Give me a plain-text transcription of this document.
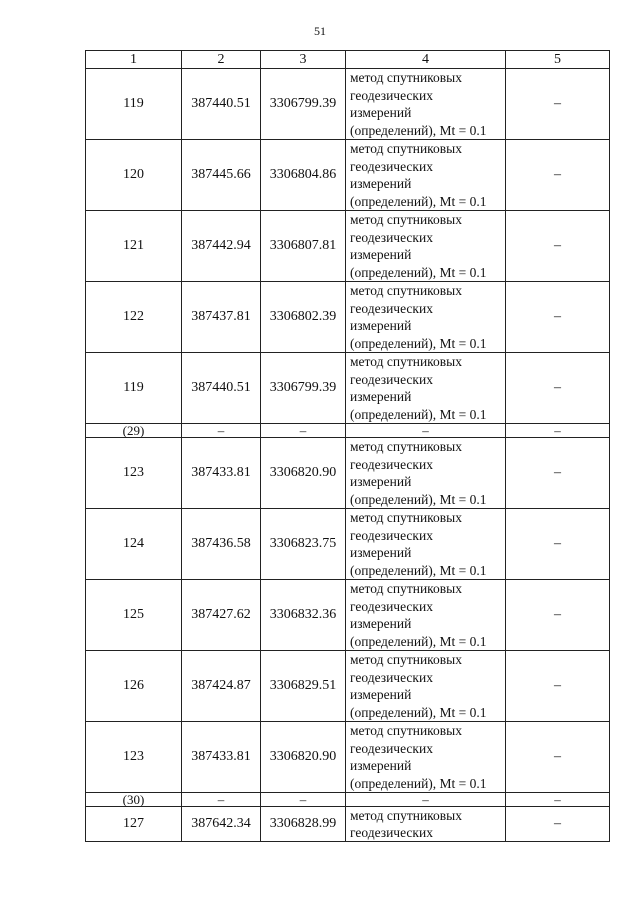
51
1	2	3	4	5
119	387440.51	3306799.39	метод спутниковых
геодезических
измерений
(определений), Mt = 0.1	–
120	387445.66	3306804.86	метод спутниковых
геодезических
измерений
(определений), Mt = 0.1	–
121	387442.94	3306807.81	метод спутниковых
геодезических
измерений
(определений), Mt = 0.1	–
122	387437.81	3306802.39	метод спутниковых
геодезических
измерений
(определений), Mt = 0.1	–
119	387440.51	3306799.39	метод спутниковых
геодезических
измерений
(определений), Mt = 0.1	–
(29)	–	–	–	–
123	387433.81	3306820.90	метод спутниковых
геодезических
измерений
(определений), Mt = 0.1	–
124	387436.58	3306823.75	метод спутниковых
геодезических
измерений
(определений), Mt = 0.1	–
125	387427.62	3306832.36	метод спутниковых
геодезических
измерений
(определений), Mt = 0.1	–
126	387424.87	3306829.51	метод спутниковых
геодезических
измерений
(определений), Mt = 0.1	–
123	387433.81	3306820.90	метод спутниковых
геодезических
измерений
(определений), Mt = 0.1	–
(30)	–	–	–	–
127	387642.34	3306828.99	метод спутниковых
геодезических	–
